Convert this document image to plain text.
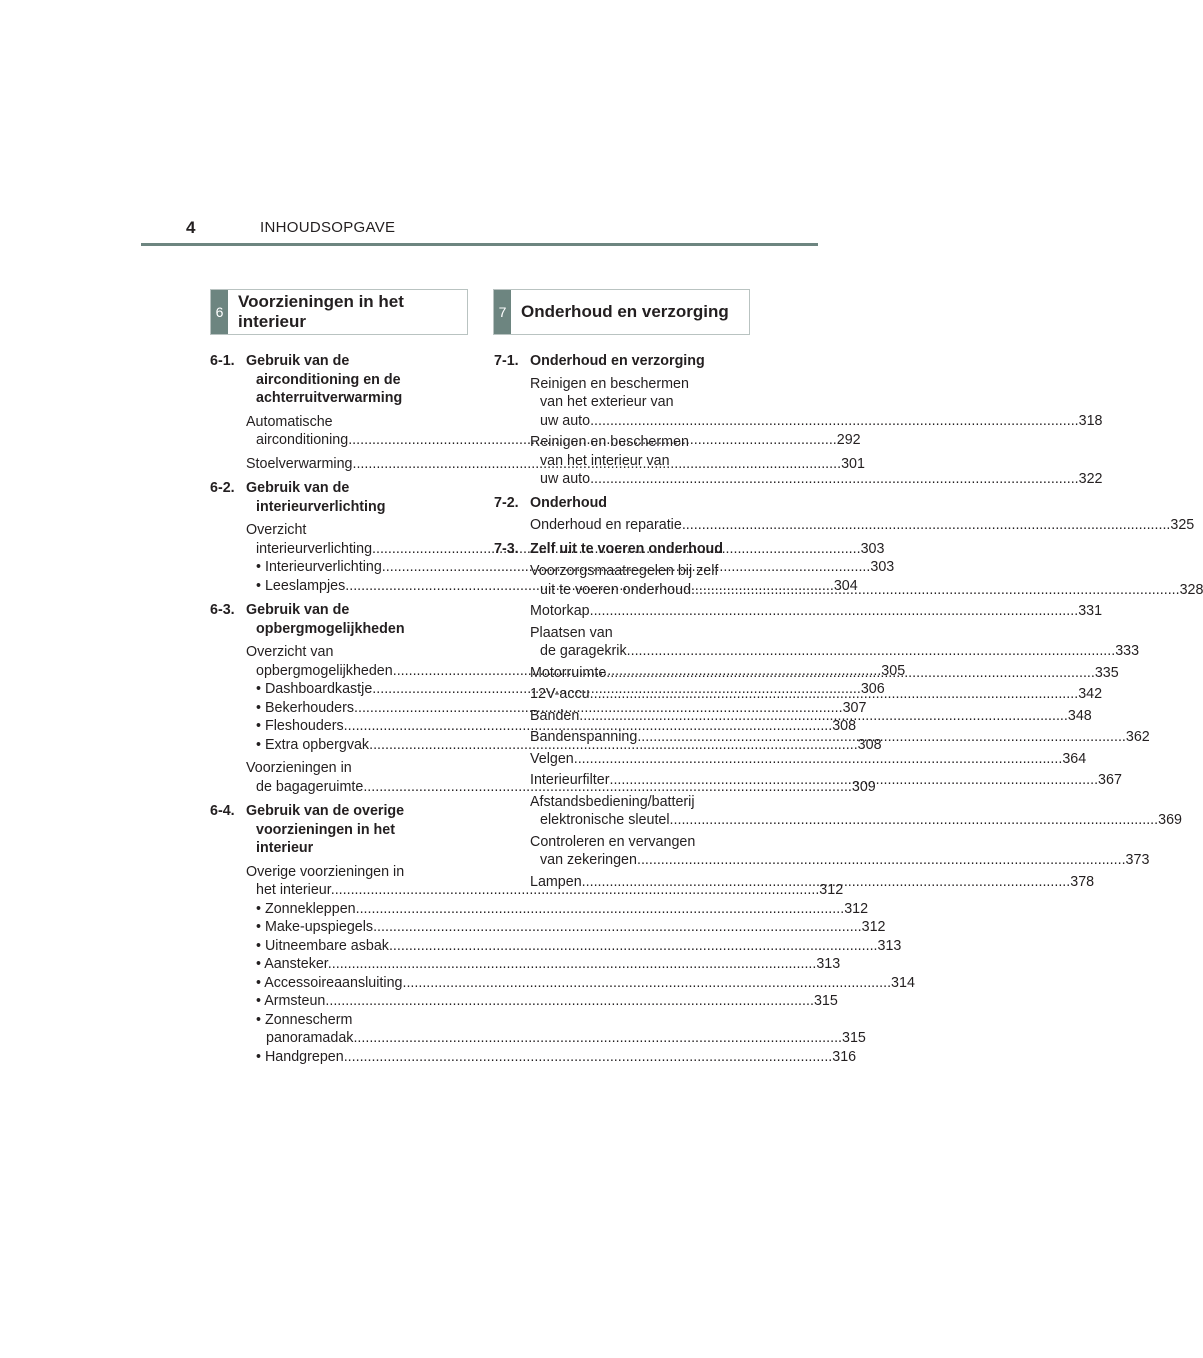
4	INHOUDSOPGAVE
6
Voorzieningen in het
interieur	7 Onderhoud en verzorging
6-1. Gebruik van de
airconditioning en de
achterruitverwarming
Automatische
airconditioning .....	292
Stoelverwarming .....	301
6-2. Gebruik van de
interieurverlichting
Overzicht
interieurverlichting .....	303
• Interieurverlichting .....	303
• Leeslampjes .....	304
6-3. Gebruik van de
opbergmogelijkheden
Overzicht van
opbergmogelijkheden .....	305
• Dashboardkastje .....	306
• Bekerhouders .....	307
• Fleshouders .....	308
• Extra opbergvak .....	308
Voorzieningen in
de bagageruimte .....	309
6-4. Gebruik van de overige
voorzieningen in het
interieur
Overige voorzieningen in
het interieur .....	312
• Zonnekleppen .....	312
• Make-upspiegels .....	312
• Uitneembare asbak .....	313
• Aansteker .....	313
• Accessoireaansluiting .....	314
• Armsteun .....	315
• Zonnescherm
panoramadak .....	315
• Handgrepen .....	316
7-1. Onderhoud en verzorging
Reinigen en beschermen
van het exterieur van
uw auto .....	318
Reinigen en beschermen
van het interieur van
uw auto .....	322
7-2. Onderhoud
Onderhoud en reparatie .....	325
7-3. Zelf uit te voeren onderhoud
Voorzorgsmaatregelen bij zelf
uit te voeren onderhoud .....	328
Motorkap .....	331
Plaatsen van
de garagekrik .....	333
Motorruimte .....	335
12V-accu .....	342
Banden .....	348
Bandenspanning .....	362
Velgen .....	364
Interieurfilter .....	367
Afstandsbediening/batterij
elektronische sleutel .....	369
Controleren en vervangen
van zekeringen .....	373
Lampen .....	378
